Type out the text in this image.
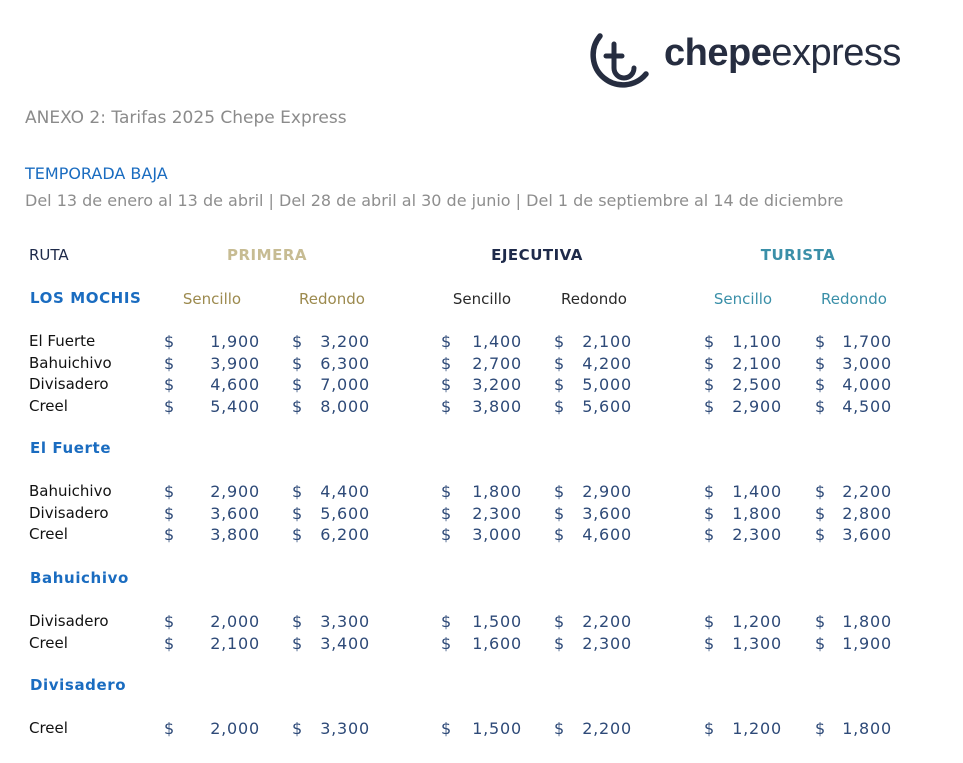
chepeexpress
ANEXO 2: Tarifas 2025 Chepe Express
TEMPORADA BAJA
Del 13 de enero al 13 de abril | Del 28 de abril al 30 de junio | Del 1 de septiembre al 14 de diciembre
RUTA	PRIMERA	EJECUTIVA	TURISTA
Sencillo	Redondo	Sencillo	Redondo	Sencillo	Redondo
LOS MOCHIS
El Fuerte	$ 1,900 $ 3,200	$ 1,400 $ 2,100	$ 1,100 $ 1,700
Bahuichivo	$ 3,900 $ 6,300	$ 2,700 $ 4,200	$ 2,100 $ 3,000
Divisadero	$ 4,600 $ 7,000	$ 3,200 $ 5,000	$ 2,500 $ 4,000
Creel	$ 5,400 $ 8,000	$ 3,800 $ 5,600	$ 2,900 $ 4,500
El Fuerte
Bahuichivo	$ 2,900 $ 4,400	$ 1,800 $ 2,900	$ 1,400 $ 2,200
Divisadero	$ 3,600 $ 5,600	$ 2,300 $ 3,600	$ 1,800 $ 2,800
Creel	$ 3,800 $ 6,200	$ 3,000 $ 4,600	$ 2,300 $ 3,600
Bahuichivo
Divisadero	$ 2,000 $ 3,300	$ 1,500 $ 2,200	$ 1,200 $ 1,800
Creel	$ 2,100 $ 3,400	$ 1,600 $ 2,300	$ 1,300 $ 1,900
Divisadero
Creel	$ 2,000 $ 3,300	$ 1,500 $ 2,200	$ 1,200 $ 1,800
